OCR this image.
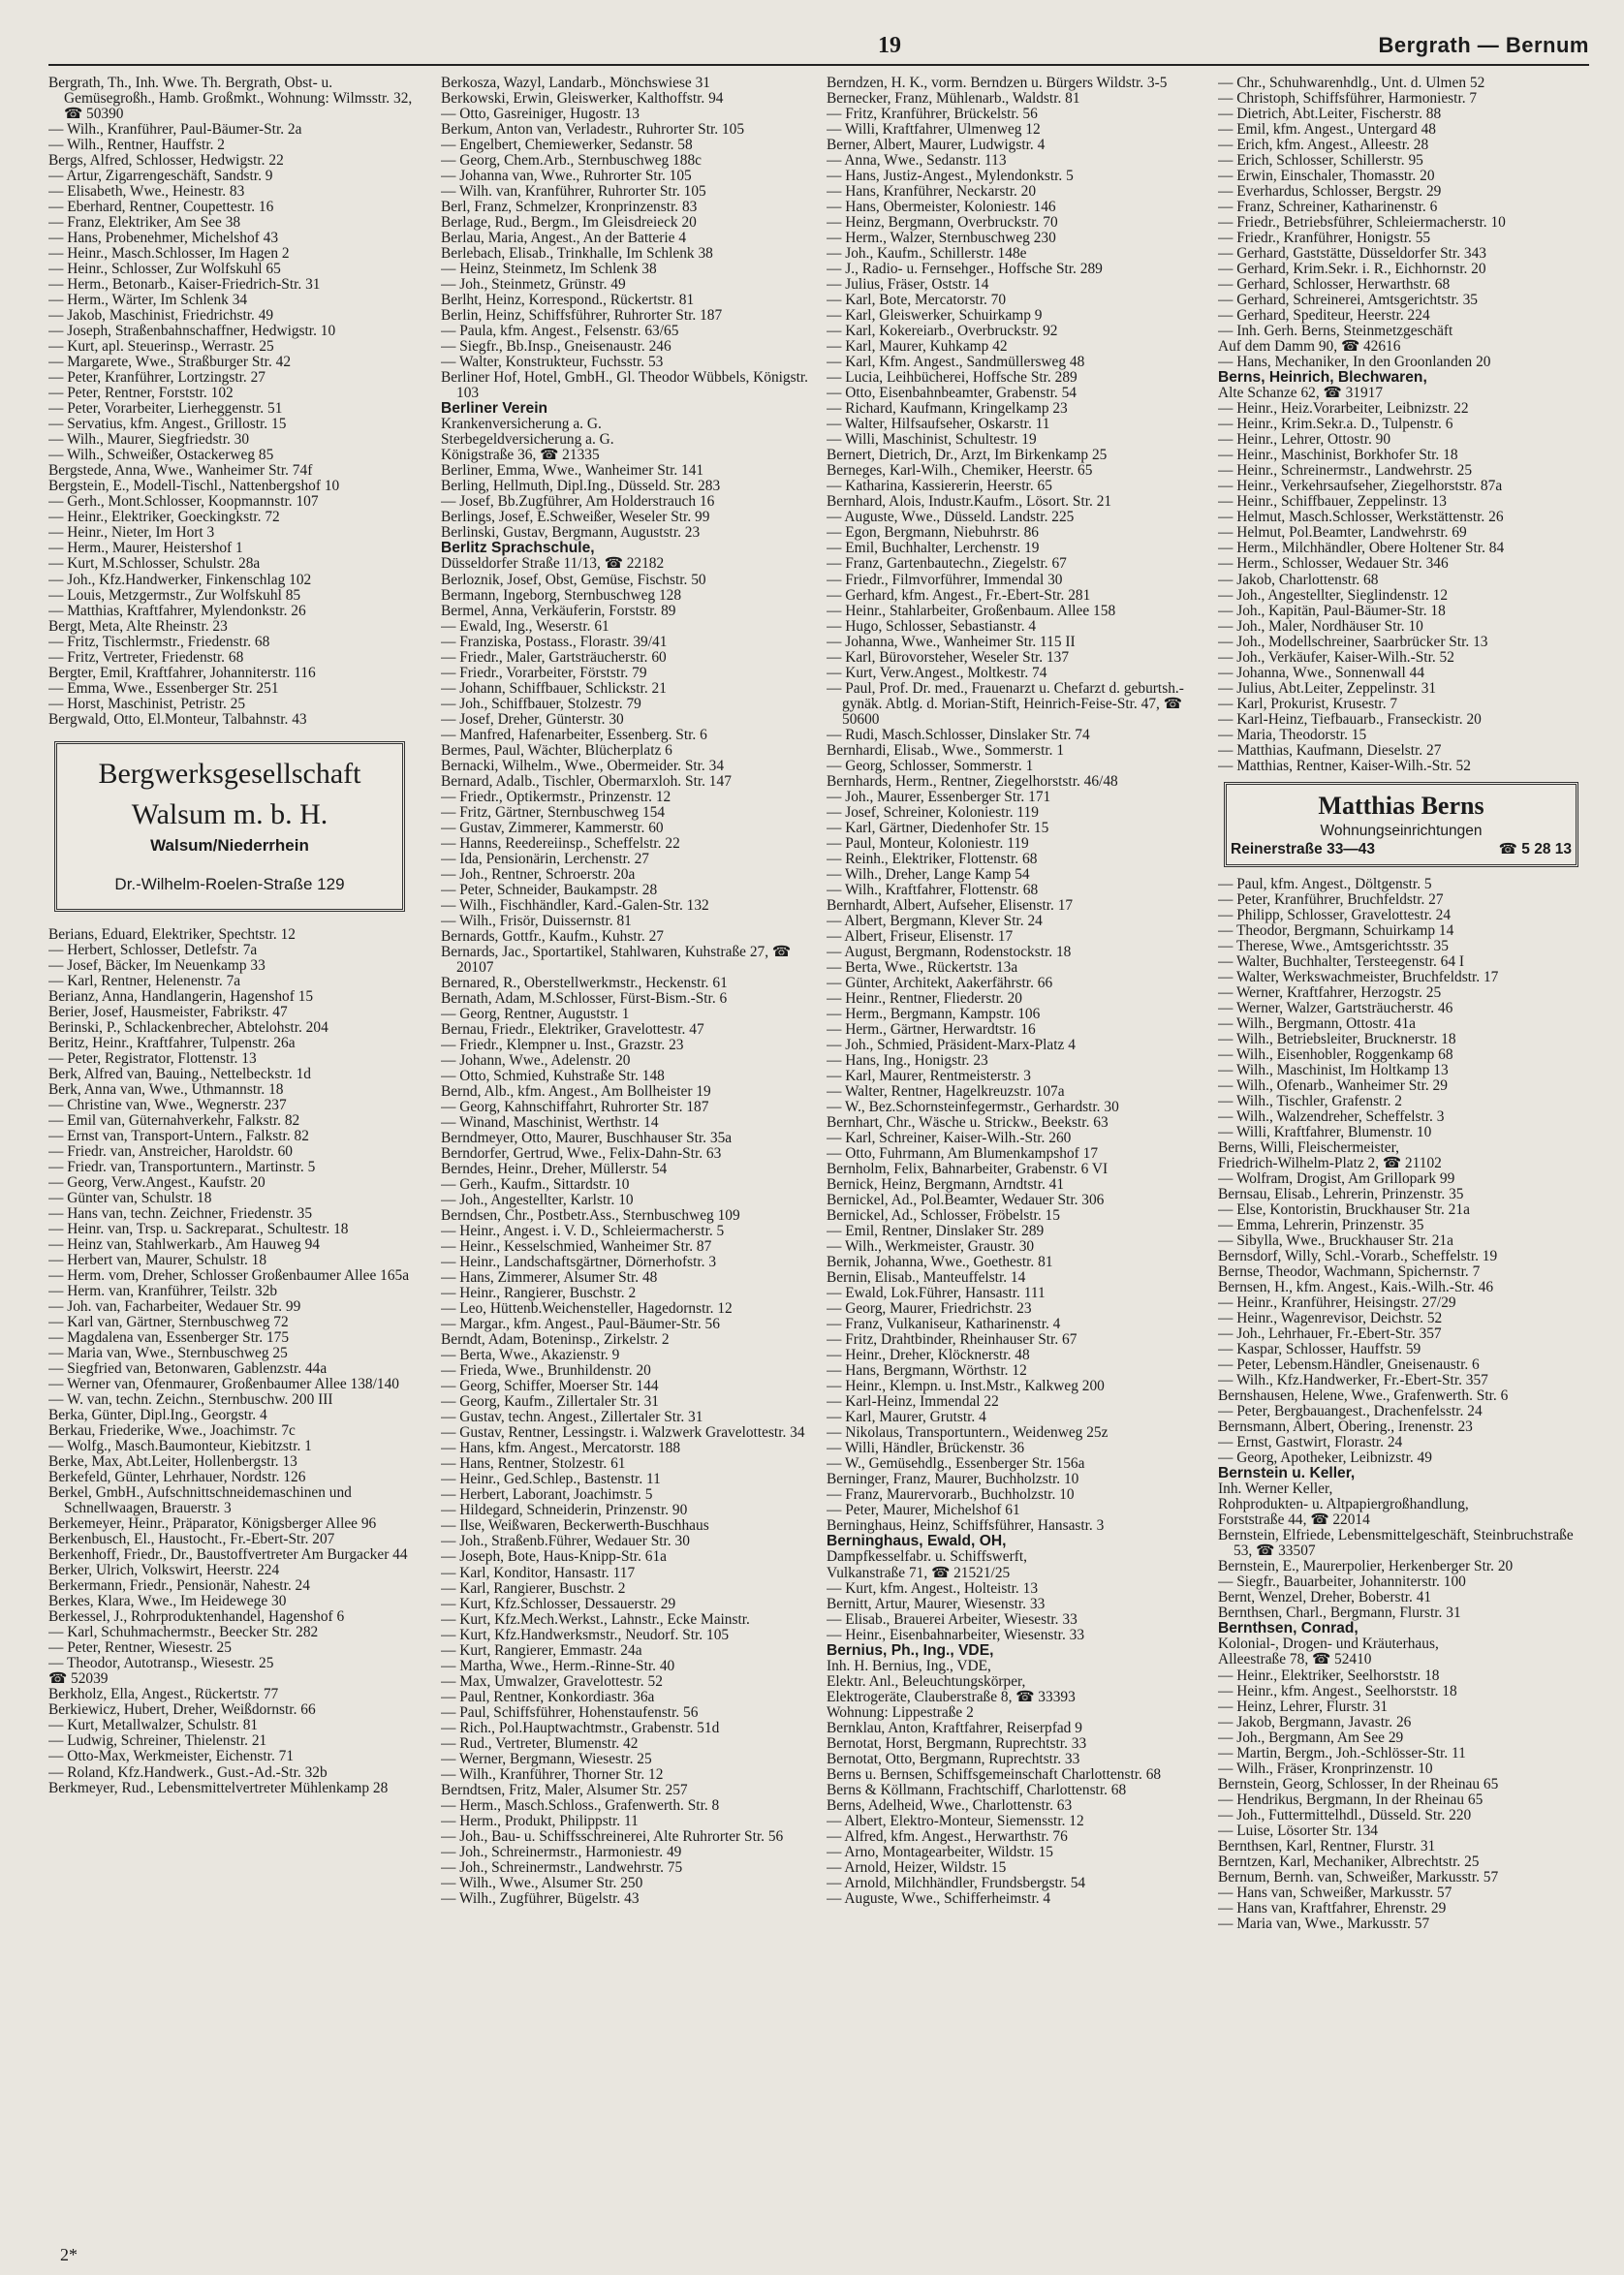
19	Bergrath — Bernum

Bergrath, Th., Inh. Wwe. Th. Bergrath, Obst- u. Gemüsegroßh., Hamb. Großmkt., Wohnung: Wilmsstr. 32, ☎ 50390

— Wilh., Kranführer, Paul-Bäumer-Str. 2a

— Wilh., Rentner, Hauffstr. 2

Bergs, Alfred, Schlosser, Hedwigstr. 22

— Artur, Zigarrengeschäft, Sandstr. 9

— Elisabeth, Wwe., Heinestr. 83

— Eberhard, Rentner, Coupettestr. 16

— Franz, Elektriker, Am See 38

— Hans, Probenehmer, Michelshof 43

— Heinr., Masch.Schlosser, Im Hagen 2

— Heinr., Schlosser, Zur Wolfskuhl 65

— Herm., Betonarb., Kaiser-Friedrich-Str. 31

— Herm., Wärter, Im Schlenk 34

— Jakob, Maschinist, Friedrichstr. 49

— Joseph, Straßenbahnschaffner, Hedwigstr. 10

— Kurt, apl. Steuerinsp., Werrastr. 25

— Margarete, Wwe., Straßburger Str. 42

— Peter, Kranführer, Lortzingstr. 27

— Peter, Rentner, Forststr. 102

— Peter, Vorarbeiter, Lierheggenstr. 51

— Servatius, kfm. Angest., Grillostr. 15

— Wilh., Maurer, Siegfriedstr. 30

— Wilh., Schweißer, Ostackerweg 85

Bergstede, Anna, Wwe., Wanheimer Str. 74f

Bergstein, E., Modell-Tischl., Nattenbergshof 10

— Gerh., Mont.Schlosser, Koopmannstr. 107

— Heinr., Elektriker, Goeckingkstr. 72

— Heinr., Nieter, Im Hort 3

— Herm., Maurer, Heistershof 1

— Kurt, M.Schlosser, Schulstr. 28a

— Joh., Kfz.Handwerker, Finkenschlag 102

— Louis, Metzgermstr., Zur Wolfskuhl 85

— Matthias, Kraftfahrer, Mylendonkstr. 26

Bergt, Meta, Alte Rheinstr. 23

— Fritz, Tischlermstr., Friedenstr. 68

— Fritz, Vertreter, Friedenstr. 68

Bergter, Emil, Kraftfahrer, Johanniterstr. 116

— Emma, Wwe., Essenberger Str. 251

— Horst, Maschinist, Petristr. 25

Bergwald, Otto, El.Monteur, Talbahnstr. 43

Bergwerksgesellschaft
Walsum m. b. H.
Walsum/Niederrhein
Dr.-Wilhelm-Roelen-Straße 129

Berians, Eduard, Elektriker, Spechtstr. 12

— Herbert, Schlosser, Detlefstr. 7a

— Josef, Bäcker, Im Neuenkamp 33

— Karl, Rentner, Helenenstr. 7a

Berianz, Anna, Handlangerin, Hagenshof 15

Berier, Josef, Hausmeister, Fabrikstr. 47

Berinski, P., Schlackenbrecher, Abtelohstr. 204

Beritz, Heinr., Kraftfahrer, Tulpenstr. 26a

— Peter, Registrator, Flottenstr. 13

Berk, Alfred van, Bauing., Nettelbeckstr. 1d

Berk, Anna van, Wwe., Uthmannstr. 18

— Christine van, Wwe., Wegnerstr. 237

— Emil van, Güternahverkehr, Falkstr. 82

— Ernst van, Transport-Untern., Falkstr. 82

— Friedr. van, Anstreicher, Haroldstr. 60

— Friedr. van, Transportuntern., Martinstr. 5

— Georg, Verw.Angest., Kaufstr. 20

— Günter van, Schulstr. 18

— Hans van, techn. Zeichner, Friedenstr. 35

— Heinr. van, Trsp. u. Sackreparat., Schultestr. 18

— Heinz van, Stahlwerkarb., Am Hauweg 94

— Herbert van, Maurer, Schulstr. 18

— Herm. vom, Dreher, Schlosser Großenbaumer Allee 165a

— Herm. van, Kranführer, Teilstr. 32b

— Joh. van, Facharbeiter, Wedauer Str. 99

— Karl van, Gärtner, Sternbuschweg 72

— Magdalena van, Essenberger Str. 175

— Maria van, Wwe., Sternbuschweg 25

— Siegfried van, Betonwaren, Gablenzstr. 44a

— Werner van, Ofenmaurer, Großenbaumer Allee 138/140

— W. van, techn. Zeichn., Sternbuschw. 200 III

Berka, Günter, Dipl.Ing., Georgstr. 4

Berkau, Friederike, Wwe., Joachimstr. 7c

— Wolfg., Masch.Baumonteur, Kiebitzstr. 1

Berke, Max, Abt.Leiter, Hollenbergstr. 13

Berkefeld, Günter, Lehrhauer, Nordstr. 126

Berkel, GmbH., Aufschnittschneidemaschinen und Schnellwaagen, Brauerstr. 3

Berkemeyer, Heinr., Präparator, Königsberger Allee 96

Berkenbusch, El., Haustocht., Fr.-Ebert-Str. 207

Berkenhoff, Friedr., Dr., Baustoffvertreter Am Burgacker 44

Berker, Ulrich, Volkswirt, Heerstr. 224

Berkermann, Friedr., Pensionär, Nahestr. 24

Berkes, Klara, Wwe., Im Heidewege 30

Berkessel, J., Rohrproduktenhandel, Hagenshof 6

— Karl, Schuhmachermstr., Beecker Str. 282

— Peter, Rentner, Wiesestr. 25

— Theodor, Autotransp., Wiesestr. 25

☎ 52039

Berkholz, Ella, Angest., Rückertstr. 77

Berkiewicz, Hubert, Dreher, Weißdornstr. 66

— Kurt, Metallwalzer, Schulstr. 81

— Ludwig, Schreiner, Thielenstr. 21

— Otto-Max, Werkmeister, Eichenstr. 71

— Roland, Kfz.Handwerk., Gust.-Ad.-Str. 32b

Berkmeyer, Rud., Lebensmittelvertreter Mühlenkamp 28

Berkosza, Wazyl, Landarb., Mönchswiese 31

Berkowski, Erwin, Gleiswerker, Kalthoffstr. 94

— Otto, Gasreiniger, Hugostr. 13

Berkum, Anton van, Verladestr., Ruhrorter Str. 105

— Engelbert, Chemiewerker, Sedanstr. 58

— Georg, Chem.Arb., Sternbuschweg 188c

— Johanna van, Wwe., Ruhrorter Str. 105

— Wilh. van, Kranführer, Ruhrorter Str. 105

Berl, Franz, Schmelzer, Kronprinzenstr. 83

Berlage, Rud., Bergm., Im Gleisdreieck 20

Berlau, Maria, Angest., An der Batterie 4

Berlebach, Elisab., Trinkhalle, Im Schlenk 38

— Heinz, Steinmetz, Im Schlenk 38

— Joh., Steinmetz, Grünstr. 49

Berlht, Heinz, Korrespond., Rückertstr. 81

Berlin, Heinz, Schiffsführer, Ruhrorter Str. 187

— Paula, kfm. Angest., Felsenstr. 63/65

— Siegfr., Bb.Insp., Gneisenaustr. 246

— Walter, Konstrukteur, Fuchsstr. 53

Berliner Hof, Hotel, GmbH., Gl. Theodor Wübbels, Königstr. 103

Berliner Verein

Krankenversicherung a. G.

Sterbegeldversicherung a. G.

Königstraße 36, ☎ 21335

Berliner, Emma, Wwe., Wanheimer Str. 141

Berling, Hellmuth, Dipl.Ing., Düsseld. Str. 283

— Josef, Bb.Zugführer, Am Holderstrauch 16

Berlings, Josef, E.Schweißer, Weseler Str. 99

Berlinski, Gustav, Bergmann, Auguststr. 23

Berlitz Sprachschule,

Düsseldorfer Straße 11/13, ☎ 22182

Berloznik, Josef, Obst, Gemüse, Fischstr. 50

Bermann, Ingeborg, Sternbuschweg 128

Bermel, Anna, Verkäuferin, Forststr. 89

— Ewald, Ing., Weserstr. 61

— Franziska, Postass., Florastr. 39/41

— Friedr., Maler, Gartsträucherstr. 60

— Friedr., Vorarbeiter, Förststr. 79

— Johann, Schiffbauer, Schlickstr. 21

— Joh., Schiffbauer, Stolzestr. 79

— Josef, Dreher, Günterstr. 30

— Manfred, Hafenarbeiter, Essenberg. Str. 6

Bermes, Paul, Wächter, Blücherplatz 6

Bernacki, Wilhelm., Wwe., Obermeider. Str. 34

Bernard, Adalb., Tischler, Obermarxloh. Str. 147

— Friedr., Optikermstr., Prinzenstr. 12

— Fritz, Gärtner, Sternbuschweg 154

— Gustav, Zimmerer, Kammerstr. 60

— Hanns, Reedereiinsp., Scheffelstr. 22

— Ida, Pensionärin, Lerchenstr. 27

— Joh., Rentner, Schroerstr. 20a

— Peter, Schneider, Baukampstr. 28

— Wilh., Fischhändler, Kard.-Galen-Str. 132

— Wilh., Frisör, Duissernstr. 81

Bernards, Gottfr., Kaufm., Kuhstr. 27

Bernards, Jac., Sportartikel, Stahlwaren, Kuhstraße 27, ☎ 20107

Bernared, R., Oberstellwerkmstr., Heckenstr. 61

Bernath, Adam, M.Schlosser, Fürst-Bism.-Str. 6

— Georg, Rentner, Auguststr. 1

Bernau, Friedr., Elektriker, Gravelottestr. 47

— Friedr., Klempner u. Inst., Grazstr. 23

— Johann, Wwe., Adelenstr. 20

— Otto, Schmied, Kuhstraße Str. 148

Bernd, Alb., kfm. Angest., Am Bollheister 19

— Georg, Kahnschiffahrt, Ruhrorter Str. 187

— Winand, Maschinist, Werthstr. 14

Berndmeyer, Otto, Maurer, Buschhauser Str. 35a

Berndorfer, Gertrud, Wwe., Felix-Dahn-Str. 63

Berndes, Heinr., Dreher, Müllerstr. 54

— Gerh., Kaufm., Sittardstr. 10

— Joh., Angestellter, Karlstr. 10

Berndsen, Chr., Postbetr.Ass., Sternbuschweg 109

— Heinr., Angest. i. V. D., Schleiermacherstr. 5

— Heinr., Kesselschmied, Wanheimer Str. 87

— Heinr., Landschaftsgärtner, Dörnerhofstr. 3

— Hans, Zimmerer, Alsumer Str. 48

— Heinr., Rangierer, Buschstr. 2

— Leo, Hüttenb.Weichensteller, Hagedornstr. 12

— Margar., kfm. Angest., Paul-Bäumer-Str. 56

Berndt, Adam, Boteninsp., Zirkelstr. 2

— Berta, Wwe., Akazienstr. 9

— Frieda, Wwe., Brunhildenstr. 20

— Georg, Schiffer, Moerser Str. 144

— Georg, Kaufm., Zillertaler Str. 31

— Gustav, techn. Angest., Zillertaler Str. 31

— Gustav, Rentner, Lessingstr. i. Walzwerk Gravelottestr. 34

— Hans, kfm. Angest., Mercatorstr. 188

— Hans, Rentner, Stolzestr. 61

— Heinr., Ged.Schlep., Bastenstr. 11

— Herbert, Laborant, Joachimstr. 5

— Hildegard, Schneiderin, Prinzenstr. 90

— Ilse, Weißwaren, Beckerwerth-Buschhaus

— Joh., Straßenb.Führer, Wedauer Str. 30

— Joseph, Bote, Haus-Knipp-Str. 61a

— Karl, Konditor, Hansastr. 117

— Karl, Rangierer, Buschstr. 2

— Kurt, Kfz.Schlosser, Dessauerstr. 29

— Kurt, Kfz.Mech.Werkst., Lahnstr., Ecke Mainstr.

— Kurt, Kfz.Handwerksmstr., Neudorf. Str. 105

— Kurt, Rangierer, Emmastr. 24a

— Martha, Wwe., Herm.-Rinne-Str. 40

— Max, Umwalzer, Gravelottestr. 52

— Paul, Rentner, Konkordiastr. 36a

— Paul, Schiffsführer, Hohenstaufenstr. 56

— Rich., Pol.Hauptwachtmstr., Grabenstr. 51d

— Rud., Vertreter, Blumenstr. 42

— Werner, Bergmann, Wiesestr. 25

— Wilh., Kranführer, Thorner Str. 12

Berndtsen, Fritz, Maler, Alsumer Str. 257

— Herm., Masch.Schloss., Grafenwerth. Str. 8

— Herm., Produkt, Philippstr. 11

— Joh., Bau- u. Schiffsschreinerei, Alte Ruhrorter Str. 56

— Joh., Schreinermstr., Harmoniestr. 49

— Joh., Schreinermstr., Landwehrstr. 75

— Wilh., Wwe., Alsumer Str. 250

— Wilh., Zugführer, Bügelstr. 43

Berndzen, H. K., vorm. Berndzen u. Bürgers Wildstr. 3-5

Bernecker, Franz, Mühlenarb., Waldstr. 81

— Fritz, Kranführer, Brückelstr. 56

— Willi, Kraftfahrer, Ulmenweg 12

Berner, Albert, Maurer, Ludwigstr. 4

— Anna, Wwe., Sedanstr. 113

— Hans, Justiz-Angest., Mylendonkstr. 5

— Hans, Kranführer, Neckarstr. 20

— Hans, Obermeister, Koloniestr. 146

— Heinz, Bergmann, Overbruckstr. 70

— Herm., Walzer, Sternbuschweg 230

— Joh., Kaufm., Schillerstr. 148e

— J., Radio- u. Fernsehger., Hoffsche Str. 289

— Julius, Fräser, Oststr. 14

— Karl, Bote, Mercatorstr. 70

— Karl, Gleiswerker, Schuirkamp 9

— Karl, Kokereiarb., Overbruckstr. 92

— Karl, Maurer, Kuhkamp 42

— Karl, Kfm. Angest., Sandmüllersweg 48

— Lucia, Leihbücherei, Hoffsche Str. 289

— Otto, Eisenbahnbeamter, Grabenstr. 54

— Richard, Kaufmann, Kringelkamp 23

— Walter, Hilfsaufseher, Oskarstr. 11

— Willi, Maschinist, Schultestr. 19

Bernert, Dietrich, Dr., Arzt, Im Birkenkamp 25

Berneges, Karl-Wilh., Chemiker, Heerstr. 65

— Katharina, Kassiererin, Heerstr. 65

Bernhard, Alois, Industr.Kaufm., Lösort. Str. 21

— Auguste, Wwe., Düsseld. Landstr. 225

— Egon, Bergmann, Niebuhrstr. 86

— Emil, Buchhalter, Lerchenstr. 19

— Franz, Gartenbautechn., Ziegelstr. 67

— Friedr., Filmvorführer, Immendal 30

— Gerhard, kfm. Angest., Fr.-Ebert-Str. 281

— Heinr., Stahlarbeiter, Großenbaum. Allee 158

— Hugo, Schlosser, Sebastianstr. 4

— Johanna, Wwe., Wanheimer Str. 115 II

— Karl, Bürovorsteher, Weseler Str. 137

— Kurt, Verw.Angest., Moltkestr. 74

— Paul, Prof. Dr. med., Frauenarzt u. Chefarzt d. geburtsh.-gynäk. Abtlg. d. Morian-Stift, Heinrich-Feise-Str. 47, ☎ 50600

— Rudi, Masch.Schlosser, Dinslaker Str. 74

Bernhardi, Elisab., Wwe., Sommerstr. 1

— Georg, Schlosser, Sommerstr. 1

Bernhards, Herm., Rentner, Ziegelhorststr. 46/48

— Joh., Maurer, Essenberger Str. 171

— Josef, Schreiner, Koloniestr. 119

— Karl, Gärtner, Diedenhofer Str. 15

— Paul, Monteur, Koloniestr. 119

— Reinh., Elektriker, Flottenstr. 68

— Wilh., Dreher, Lange Kamp 54

— Wilh., Kraftfahrer, Flottenstr. 68

Bernhardt, Albert, Aufseher, Elisenstr. 17

— Albert, Bergmann, Klever Str. 24

— Albert, Friseur, Elisenstr. 17

— August, Bergmann, Rodenstockstr. 18

— Berta, Wwe., Rückertstr. 13a

— Günter, Architekt, Aakerfährstr. 66

— Heinr., Rentner, Fliederstr. 20

— Herm., Bergmann, Kampstr. 106

— Herm., Gärtner, Herwardtstr. 16

— Joh., Schmied, Präsident-Marx-Platz 4

— Hans, Ing., Honigstr. 23

— Karl, Maurer, Rentmeisterstr. 3

— Walter, Rentner, Hagelkreuzstr. 107a

— W., Bez.Schornsteinfegermstr., Gerhardstr. 30

Bernhart, Chr., Wäsche u. Strickw., Beekstr. 63

— Karl, Schreiner, Kaiser-Wilh.-Str. 260

— Otto, Fuhrmann, Am Blumenkampshof 17

Bernholm, Felix, Bahnarbeiter, Grabenstr. 6 VI

Bernick, Heinz, Bergmann, Arndtstr. 41

Bernickel, Ad., Pol.Beamter, Wedauer Str. 306

Bernickel, Ad., Schlosser, Fröbelstr. 15

— Emil, Rentner, Dinslaker Str. 289

— Wilh., Werkmeister, Graustr. 30

Bernik, Johanna, Wwe., Goethestr. 81

Bernin, Elisab., Manteuffelstr. 14

— Ewald, Lok.Führer, Hansastr. 111

— Georg, Maurer, Friedrichstr. 23

— Franz, Vulkaniseur, Katharinenstr. 4

— Fritz, Drahtbinder, Rheinhauser Str. 67

— Heinr., Dreher, Klöcknerstr. 48

— Hans, Bergmann, Wörthstr. 12

— Heinr., Klempn. u. Inst.Mstr., Kalkweg 200

— Karl-Heinz, Immendal 22

— Karl, Maurer, Grutstr. 4

— Nikolaus, Transportuntern., Weidenweg 25z

— Willi, Händler, Brückenstr. 36

— W., Gemüsehdlg., Essenberger Str. 156a

Berninger, Franz, Maurer, Buchholzstr. 10

— Franz, Maurervorarb., Buchholzstr. 10

— Peter, Maurer, Michelshof 61

Berninghaus, Heinz, Schiffsführer, Hansastr. 3

Berninghaus, Ewald, OH,

Dampfkesselfabr. u. Schiffswerft,

Vulkanstraße 71, ☎ 21521/25

— Kurt, kfm. Angest., Holteistr. 13

Bernitt, Artur, Maurer, Wiesenstr. 33

— Elisab., Brauerei Arbeiter, Wiesestr. 33

— Heinr., Eisenbahnarbeiter, Wiesenstr. 33

Bernius, Ph., Ing., VDE,

Inh. H. Bernius, Ing., VDE,

Elektr. Anl., Beleuchtungskörper,

Elektrogeräte, Clauberstraße 8, ☎ 33393

Wohnung: Lippestraße 2

Bernklau, Anton, Kraftfahrer, Reiserpfad 9

Bernotat, Horst, Bergmann, Ruprechtstr. 33

Bernotat, Otto, Bergmann, Ruprechtstr. 33

Berns u. Bernsen, Schiffsgemeinschaft Charlottenstr. 68

Berns & Köllmann, Frachtschiff, Charlottenstr. 68

Berns, Adelheid, Wwe., Charlottenstr. 63

— Albert, Elektro-Monteur, Siemensstr. 12

— Alfred, kfm. Angest., Herwarthstr. 76

— Arno, Montagearbeiter, Wildstr. 15

— Arnold, Heizer, Wildstr. 15

— Arnold, Milchhändler, Frundsbergstr. 54

— Auguste, Wwe., Schifferheimstr. 4

— Chr., Schuhwarenhdlg., Unt. d. Ulmen 52

— Christoph, Schiffsführer, Harmoniestr. 7

— Dietrich, Abt.Leiter, Fischerstr. 88

— Emil, kfm. Angest., Untergard 48

— Erich, kfm. Angest., Alleestr. 28

— Erich, Schlosser, Schillerstr. 95

— Erwin, Einschaler, Thomasstr. 20

— Everhardus, Schlosser, Bergstr. 29

— Franz, Schreiner, Katharinenstr. 6

— Friedr., Betriebsführer, Schleiermacherstr. 10

— Friedr., Kranführer, Honigstr. 55

— Gerhard, Gaststätte, Düsseldorfer Str. 343

— Gerhard, Krim.Sekr. i. R., Eichhornstr. 20

— Gerhard, Schlosser, Herwarthstr. 68

— Gerhard, Schreinerei, Amtsgerichtstr. 35

— Gerhard, Spediteur, Heerstr. 224

— Inh. Gerh. Berns, Steinmetzgeschäft

Auf dem Damm 90, ☎ 42616

— Hans, Mechaniker, In den Groonlanden 20

Berns, Heinrich, Blechwaren,

Alte Schanze 62, ☎ 31917

— Heinr., Heiz.Vorarbeiter, Leibnizstr. 22

— Heinr., Krim.Sekr.a. D., Tulpenstr. 6

— Heinr., Lehrer, Ottostr. 90

— Heinr., Maschinist, Borkhofer Str. 18

— Heinr., Schreinermstr., Landwehrstr. 25

— Heinr., Verkehrsaufseher, Ziegelhorststr. 87a

— Heinr., Schiffbauer, Zeppelinstr. 13

— Helmut, Masch.Schlosser, Werkstättenstr. 26

— Helmut, Pol.Beamter, Landwehrstr. 69

— Herm., Milchhändler, Obere Holtener Str. 84

— Herm., Schlosser, Wedauer Str. 346

— Jakob, Charlottenstr. 68

— Joh., Angestellter, Sieglindenstr. 12

— Joh., Kapitän, Paul-Bäumer-Str. 18

— Joh., Maler, Nordhäuser Str. 10

— Joh., Modellschreiner, Saarbrücker Str. 13

— Joh., Verkäufer, Kaiser-Wilh.-Str. 52

— Johanna, Wwe., Sonnenwall 44

— Julius, Abt.Leiter, Zeppelinstr. 31

— Karl, Prokurist, Krusestr. 7

— Karl-Heinz, Tiefbauarb., Franseckistr. 20

— Maria, Theodorstr. 15

— Matthias, Kaufmann, Dieselstr. 27

— Matthias, Rentner, Kaiser-Wilh.-Str. 52

Matthias Berns
Wohnungseinrichtungen
Reinerstraße 33—43	☎ 5 28 13

— Paul, kfm. Angest., Döltgenstr. 5

— Peter, Kranführer, Bruchfeldstr. 27

— Philipp, Schlosser, Gravelottestr. 24

— Theodor, Bergmann, Schuirkamp 14

— Therese, Wwe., Amtsgerichtsstr. 35

— Walter, Buchhalter, Tersteegenstr. 64 I

— Walter, Werkswachmeister, Bruchfeldstr. 17

— Werner, Kraftfahrer, Herzogstr. 25

— Werner, Walzer, Gartsträucherstr. 46

— Wilh., Bergmann, Ottostr. 41a

— Wilh., Betriebsleiter, Brucknerstr. 18

— Wilh., Eisenhobler, Roggenkamp 68

— Wilh., Maschinist, Im Holtkamp 13

— Wilh., Ofenarb., Wanheimer Str. 29

— Wilh., Tischler, Grafenstr. 2

— Wilh., Walzendreher, Scheffelstr. 3

— Willi, Kraftfahrer, Blumenstr. 10

Berns, Willi, Fleischermeister,

Friedrich-Wilhelm-Platz 2, ☎ 21102

— Wolfram, Drogist, Am Grillopark 99

Bernsau, Elisab., Lehrerin, Prinzenstr. 35

— Else, Kontoristin, Bruckhauser Str. 21a

— Emma, Lehrerin, Prinzenstr. 35

— Sibylla, Wwe., Bruckhauser Str. 21a

Bernsdorf, Willy, Schl.-Vorarb., Scheffelstr. 19

Bernse, Theodor, Wachmann, Spichernstr. 7

Bernsen, H., kfm. Angest., Kais.-Wilh.-Str. 46

— Heinr., Kranführer, Heisingstr. 27/29

— Heinr., Wagenrevisor, Deichstr. 52

— Joh., Lehrhauer, Fr.-Ebert-Str. 357

— Kaspar, Schlosser, Hauffstr. 59

— Peter, Lebensm.Händler, Gneisenaustr. 6

— Wilh., Kfz.Handwerker, Fr.-Ebert-Str. 357

Bernshausen, Helene, Wwe., Grafenwerth. Str. 6

— Peter, Bergbauangest., Drachenfelsstr. 24

Bernsmann, Albert, Obering., Irenenstr. 23

— Ernst, Gastwirt, Florastr. 24

— Georg, Apotheker, Leibnizstr. 49

Bernstein u. Keller,

Inh. Werner Keller,

Rohprodukten- u. Altpapiergroßhandlung,

Forststraße 44, ☎ 22014

Bernstein, Elfriede, Lebensmittelgeschäft, Steinbruchstraße 53, ☎ 33507

Bernstein, E., Maurerpolier, Herkenberger Str. 20

— Siegfr., Bauarbeiter, Johanniterstr. 100

Bernt, Wenzel, Dreher, Boberstr. 41

Bernthsen, Charl., Bergmann, Flurstr. 31

Bernthsen, Conrad,

Kolonial-, Drogen- und Kräuterhaus,

Alleestraße 78, ☎ 52410

— Heinr., Elektriker, Seelhorststr. 18

— Heinr., kfm. Angest., Seelhorststr. 18

— Heinz, Lehrer, Flurstr. 31

— Jakob, Bergmann, Javastr. 26

— Joh., Bergmann, Am See 29

— Martin, Bergm., Joh.-Schlösser-Str. 11

— Wilh., Fräser, Kronprinzenstr. 10

Bernstein, Georg, Schlosser, In der Rheinau 65

— Hendrikus, Bergmann, In der Rheinau 65

— Joh., Futtermittelhdl., Düsseld. Str. 220

— Luise, Lösorter Str. 134

Bernthsen, Karl, Rentner, Flurstr. 31

Berntzen, Karl, Mechaniker, Albrechtstr. 25

Bernum, Bernh. van, Schweißer, Markusstr. 57

— Hans van, Schweißer, Markusstr. 57

— Hans van, Kraftfahrer, Ehrenstr. 29

— Maria van, Wwe., Markusstr. 57

2*
